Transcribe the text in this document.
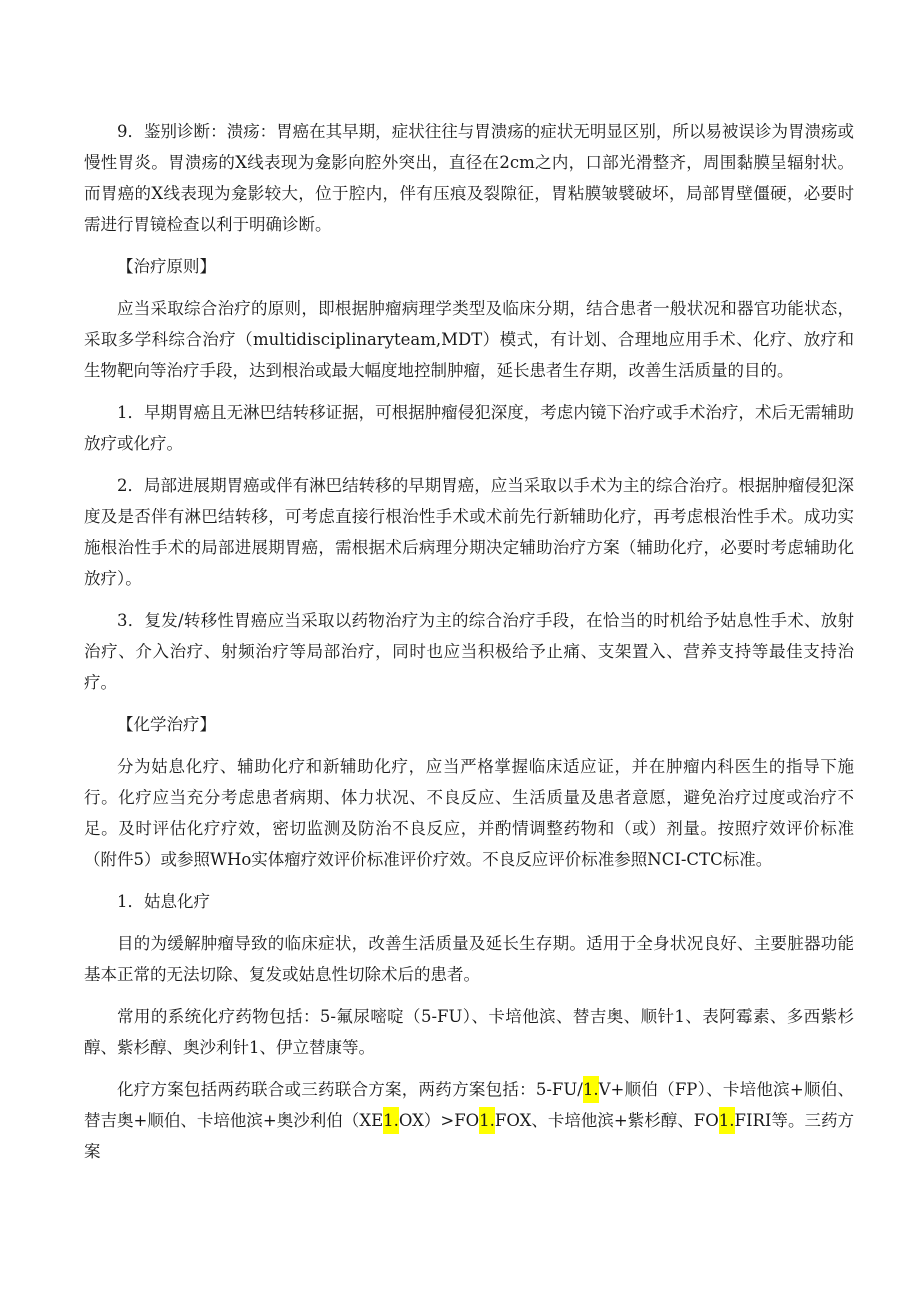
9．鉴别诊断：溃疡：胃癌在其早期，症状往往与胃溃疡的症状无明显区别，所以易被误诊为胃溃疡或慢性胃炎。胃溃疡的X线表现为龛影向腔外突出，直径在2cm之内，口部光滑整齐，周围黏膜呈辐射状。而胃癌的X线表现为龛影较大，位于腔内，伴有压痕及裂隙征，胃粘膜皱襞破坏，局部胃壁僵硬，必要时需进行胃镜检查以利于明确诊断。

【治疗原则】

应当采取综合治疗的原则，即根据肿瘤病理学类型及临床分期，结合患者一般状况和器官功能状态，采取多学科综合治疗（multidisciplinaryteam,MDT）模式，有计划、合理地应用手术、化疗、放疗和生物靶向等治疗手段，达到根治或最大幅度地控制肿瘤，延长患者生存期，改善生活质量的目的。

1．早期胃癌且无淋巴结转移证据，可根据肿瘤侵犯深度，考虑内镜下治疗或手术治疗，术后无需辅助放疗或化疗。

2．局部进展期胃癌或伴有淋巴结转移的早期胃癌，应当采取以手术为主的综合治疗。根据肿瘤侵犯深度及是否伴有淋巴结转移，可考虑直接行根治性手术或术前先行新辅助化疗，再考虑根治性手术。成功实施根治性手术的局部进展期胃癌，需根据术后病理分期决定辅助治疗方案（辅助化疗，必要时考虑辅助化放疗）。

3．复发/转移性胃癌应当采取以药物治疗为主的综合治疗手段，在恰当的时机给予姑息性手术、放射治疗、介入治疗、射频治疗等局部治疗，同时也应当积极给予止痛、支架置入、营养支持等最佳支持治疗。

【化学治疗】

分为姑息化疗、辅助化疗和新辅助化疗，应当严格掌握临床适应证，并在肿瘤内科医生的指导下施行。化疗应当充分考虑患者病期、体力状况、不良反应、生活质量及患者意愿，避免治疗过度或治疗不足。及时评估化疗疗效，密切监测及防治不良反应，并酌情调整药物和（或）剂量。按照疗效评价标准（附件5）或参照WHo实体瘤疗效评价标准评价疗效。不良反应评价标准参照NCI-CTC标准。

1．姑息化疗

目的为缓解肿瘤导致的临床症状，改善生活质量及延长生存期。适用于全身状况良好、主要脏器功能基本正常的无法切除、复发或姑息性切除术后的患者。

常用的系统化疗药物包括：5-氟尿嘧啶（5-FU）、卡培他滨、替吉奥、顺针1、表阿霉素、多西紫杉醇、紫杉醇、奥沙利针1、伊立替康等。

化疗方案包括两药联合或三药联合方案，两药方案包括：5-FU/1.V+顺伯（FP）、卡培他滨+顺伯、替吉奥+顺伯、卡培他滨+奥沙利伯（XE1.OX）>FO1.FOX、卡培他滨+紫杉醇、FO1.FIRI等。三药方案
